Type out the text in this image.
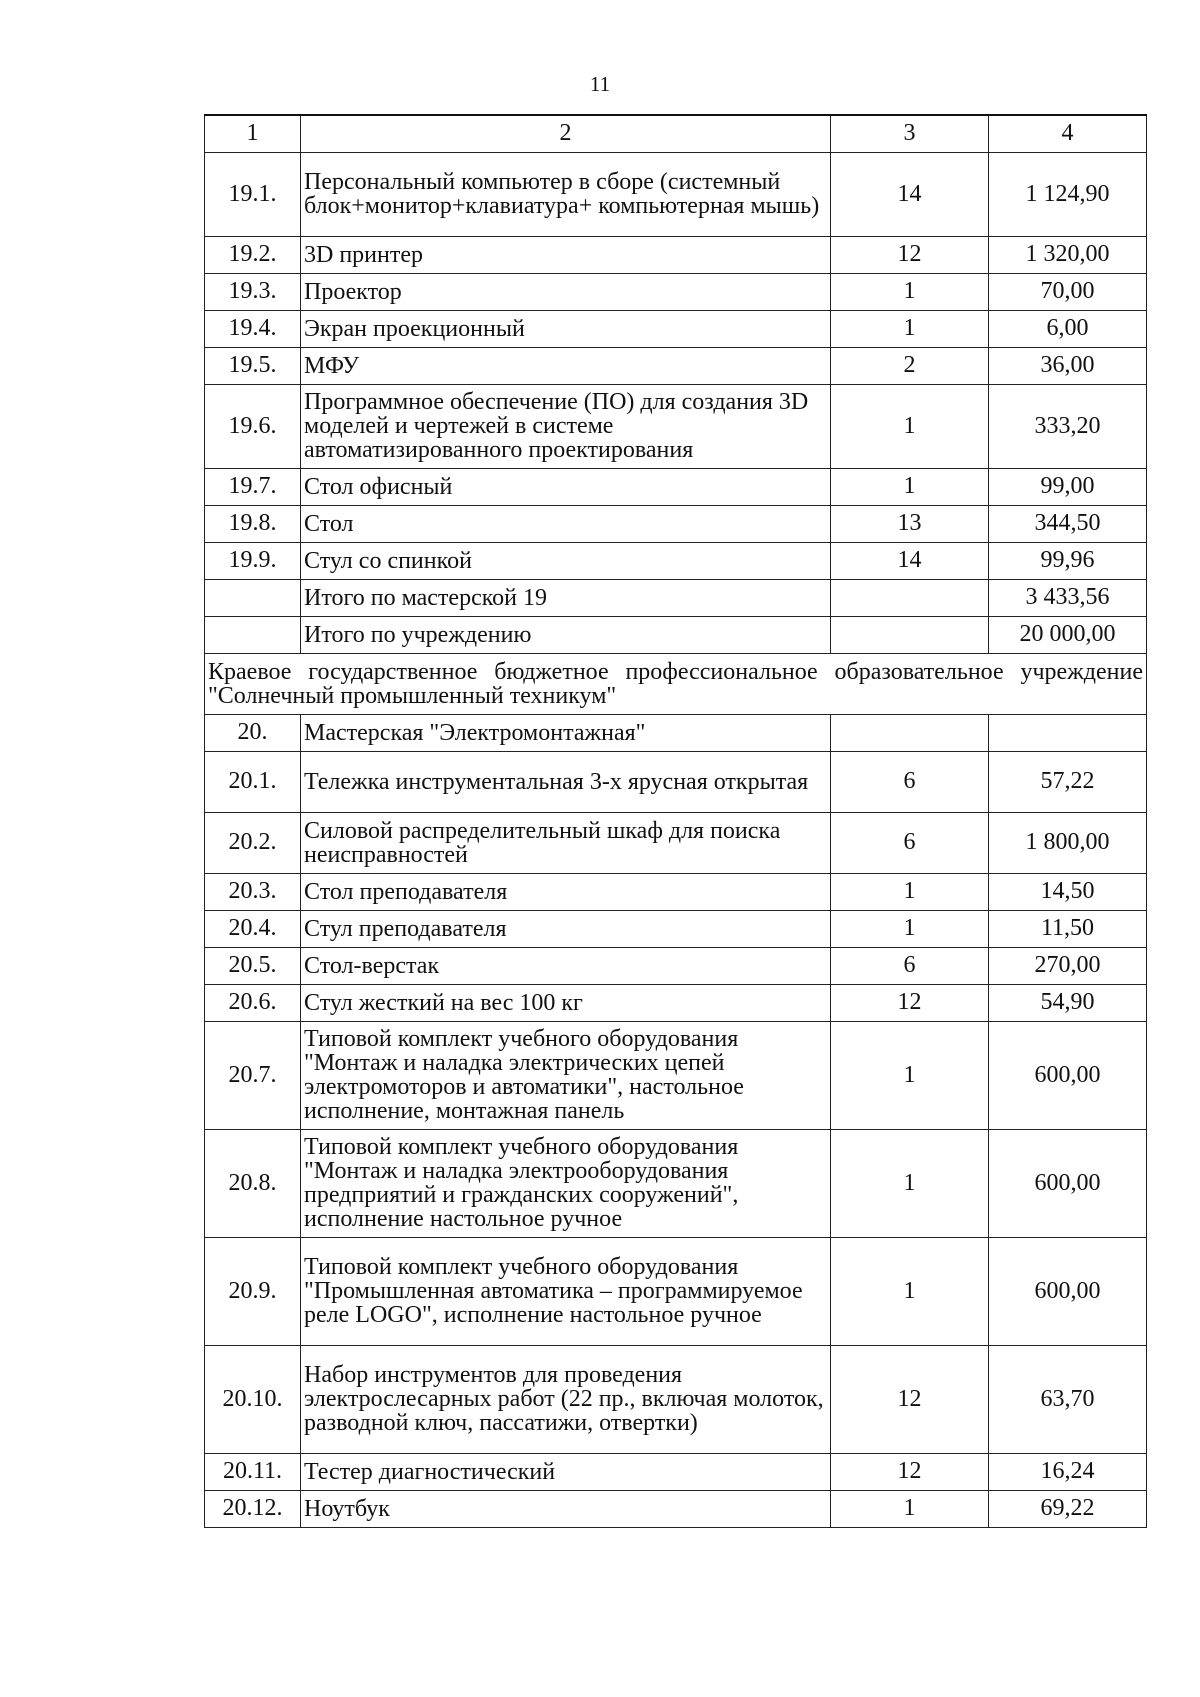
11
1	2	3	4
19.1.	Персональный компьютер в сборе (системный блок+монитор+клавиатура+ компьютерная мышь)	14	1 124,90
19.2.	3D принтер	12	1 320,00
19.3.	Проектор	1	70,00
19.4.	Экран проекционный	1	6,00
19.5.	МФУ	2	36,00
19.6.	Программное обеспечение (ПО) для создания 3D моделей и чертежей в системе автоматизированного проектирования	1	333,20
19.7.	Стол офисный	1	99,00
19.8.	Стол	13	344,50
19.9.	Стул со спинкой	14	99,96
	Итого по мастерской 19		3 433,56
	Итого по учреждению		20 000,00
Краевое государственное бюджетное профессиональное образовательное учреждение "Солнечный промышленный техникум"			
20.	Мастерская "Электромонтажная"		
20.1.	Тележка инструментальная 3-х ярусная открытая	6	57,22
20.2.	Силовой распределительный шкаф для поиска неисправностей	6	1 800,00
20.3.	Стол преподавателя	1	14,50
20.4.	Стул преподавателя	1	11,50
20.5.	Стол-верстак	6	270,00
20.6.	Стул жесткий на вес 100 кг	12	54,90
20.7.	Типовой комплект учебного оборудования "Монтаж и наладка электрических цепей электромоторов и автоматики", настольное исполнение, монтажная панель	1	600,00
20.8.	Типовой комплект учебного оборудования "Монтаж и наладка электрооборудования предприятий и гражданских сооружений", исполнение настольное ручное	1	600,00
20.9.	Типовой комплект учебного оборудования "Промышленная автоматика – программируемое реле LOGO", исполнение настольное ручное	1	600,00
20.10.	Набор инструментов для проведения электрослесарных работ (22 пр., включая молоток, разводной ключ, пассатижи, отвертки)	12	63,70
20.11.	Тестер диагностический	12	16,24
20.12.	Ноутбук	1	69,22
